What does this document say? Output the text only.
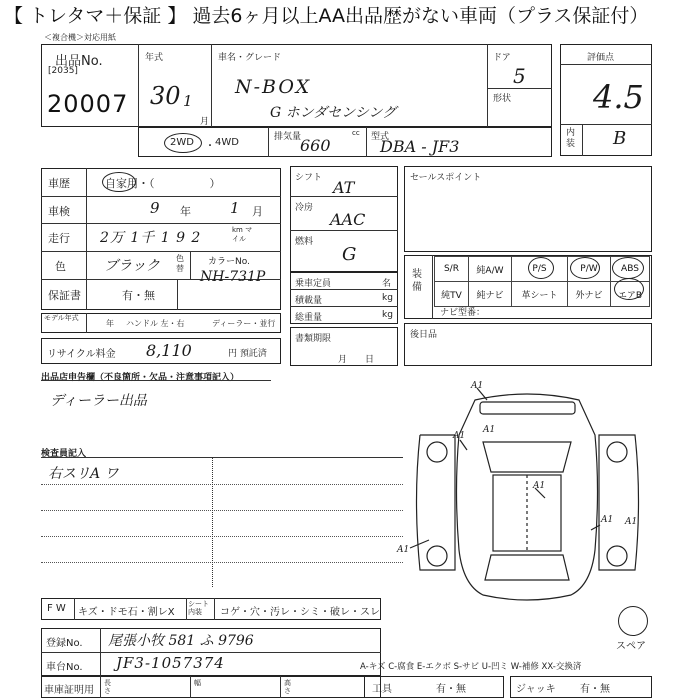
【 トレタマ＋保証 】 過去6ヶ月以上AA出品歴がない車両（プラス保証付）
＜複合機＞対応用紙
出品No.
[2035]
20007
年式
30 1
月
車名・グレード
N-BOX
G ホンダセンシング
ドア
5
形状
評価点
4.5
内装 B
2WD ・ 4WD	排気量	cc
660	型式
DBA - JF3
車歴	自家用・（　　　　　）
車検	9 年	1 月
走行 2万 1千 1 9 2	km マイル
色	ブラック 色替
カラーNo.
NH-731P
保証書	有・無
モデル年式
年 ハンドル 左・右	ディーラー・並行
リサイクル料金 8,110	円 預託済
シフト AT
冷房
AAC
燃料
G
乗車定員	名
積載量	kg
総重量	kg
書類期限
月　　日
セールスポイント
装備
S/R	純A/W	P/S	P/W	ABS
純TV	純ナビ	革シート	外ナビ	エアB
ナビ型番：
後日品
出品店申告欄（不良箇所・欠品・注意事項記入）
ディーラー出品
検査員記入
右スリA ワ
A1
A1
A1
A1
A1
A1
A1
スペア
F W キズ・ドモ石・割レX
シート内装	コゲ・穴・汚レ・シミ・破レ・スレ
登録No. 尾張小牧 581 ふ 9796
車台No. JF3-1057374	A-キズ C-腐食 E-エクボ S-サビ U-凹ミ W-補修 XX-交換済
車庫証明用
長さ
幅	高さ	工具	有・無	ジャッキ 有・無
